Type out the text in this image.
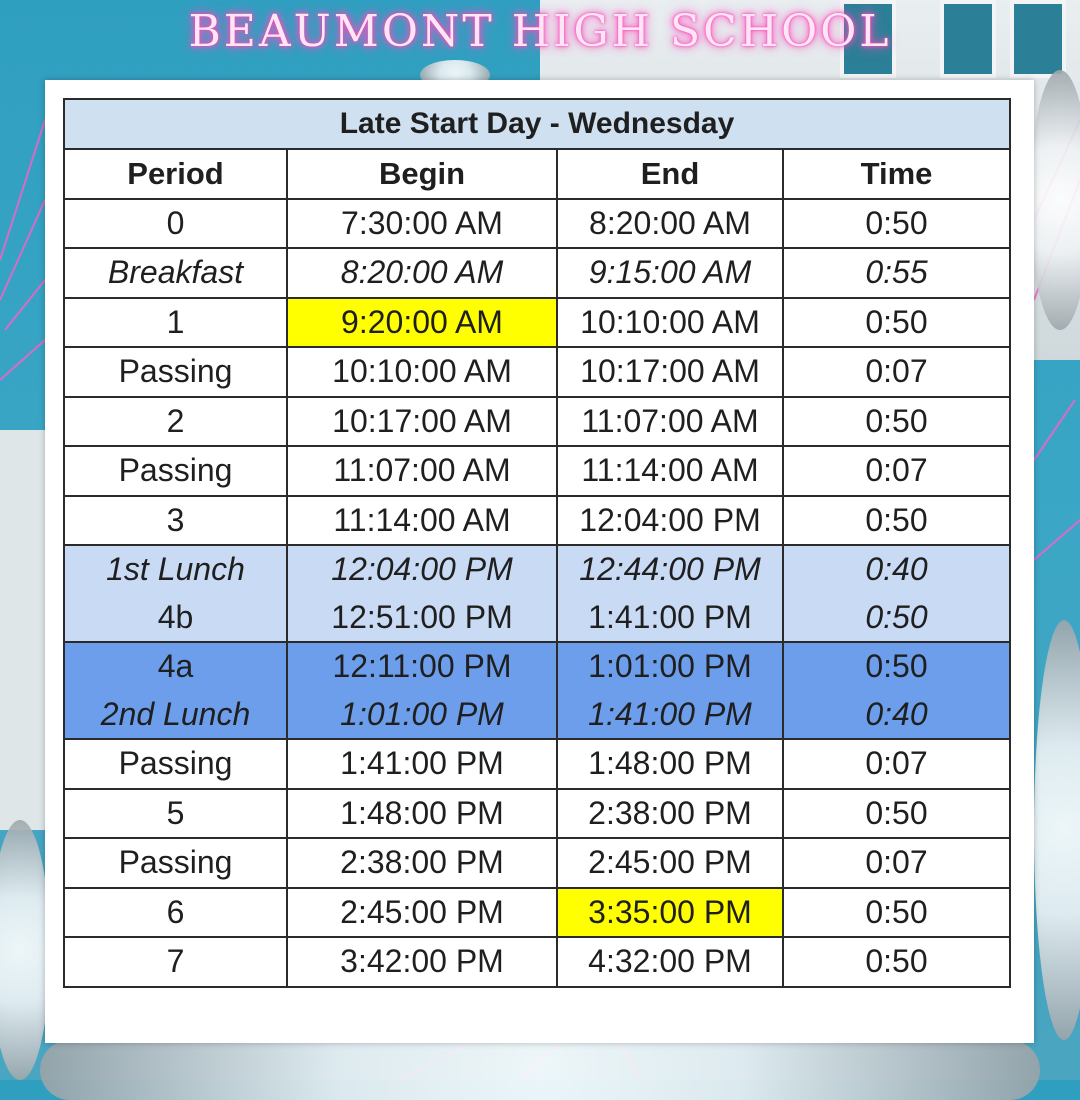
BEAUMONT HIGH SCHOOL
Late Start Day - Wednesday			
Period	Begin	End	Time
0	7:30:00 AM	8:20:00 AM	0:50
Breakfast	8:20:00 AM	9:15:00 AM	0:55
1	9:20:00 AM	10:10:00 AM	0:50
Passing	10:10:00 AM	10:17:00 AM	0:07
2	10:17:00 AM	11:07:00 AM	0:50
Passing	11:07:00 AM	11:14:00 AM	0:07
3	11:14:00 AM	12:04:00 PM	0:50
1st Lunch	12:04:00 PM	12:44:00 PM	0:40
4b	12:51:00 PM	1:41:00 PM	0:50
4a	12:11:00 PM	1:01:00 PM	0:50
2nd Lunch	1:01:00 PM	1:41:00 PM	0:40
Passing	1:41:00 PM	1:48:00 PM	0:07
5	1:48:00 PM	2:38:00 PM	0:50
Passing	2:38:00 PM	2:45:00 PM	0:07
6	2:45:00 PM	3:35:00 PM	0:50
7	3:42:00 PM	4:32:00 PM	0:50
